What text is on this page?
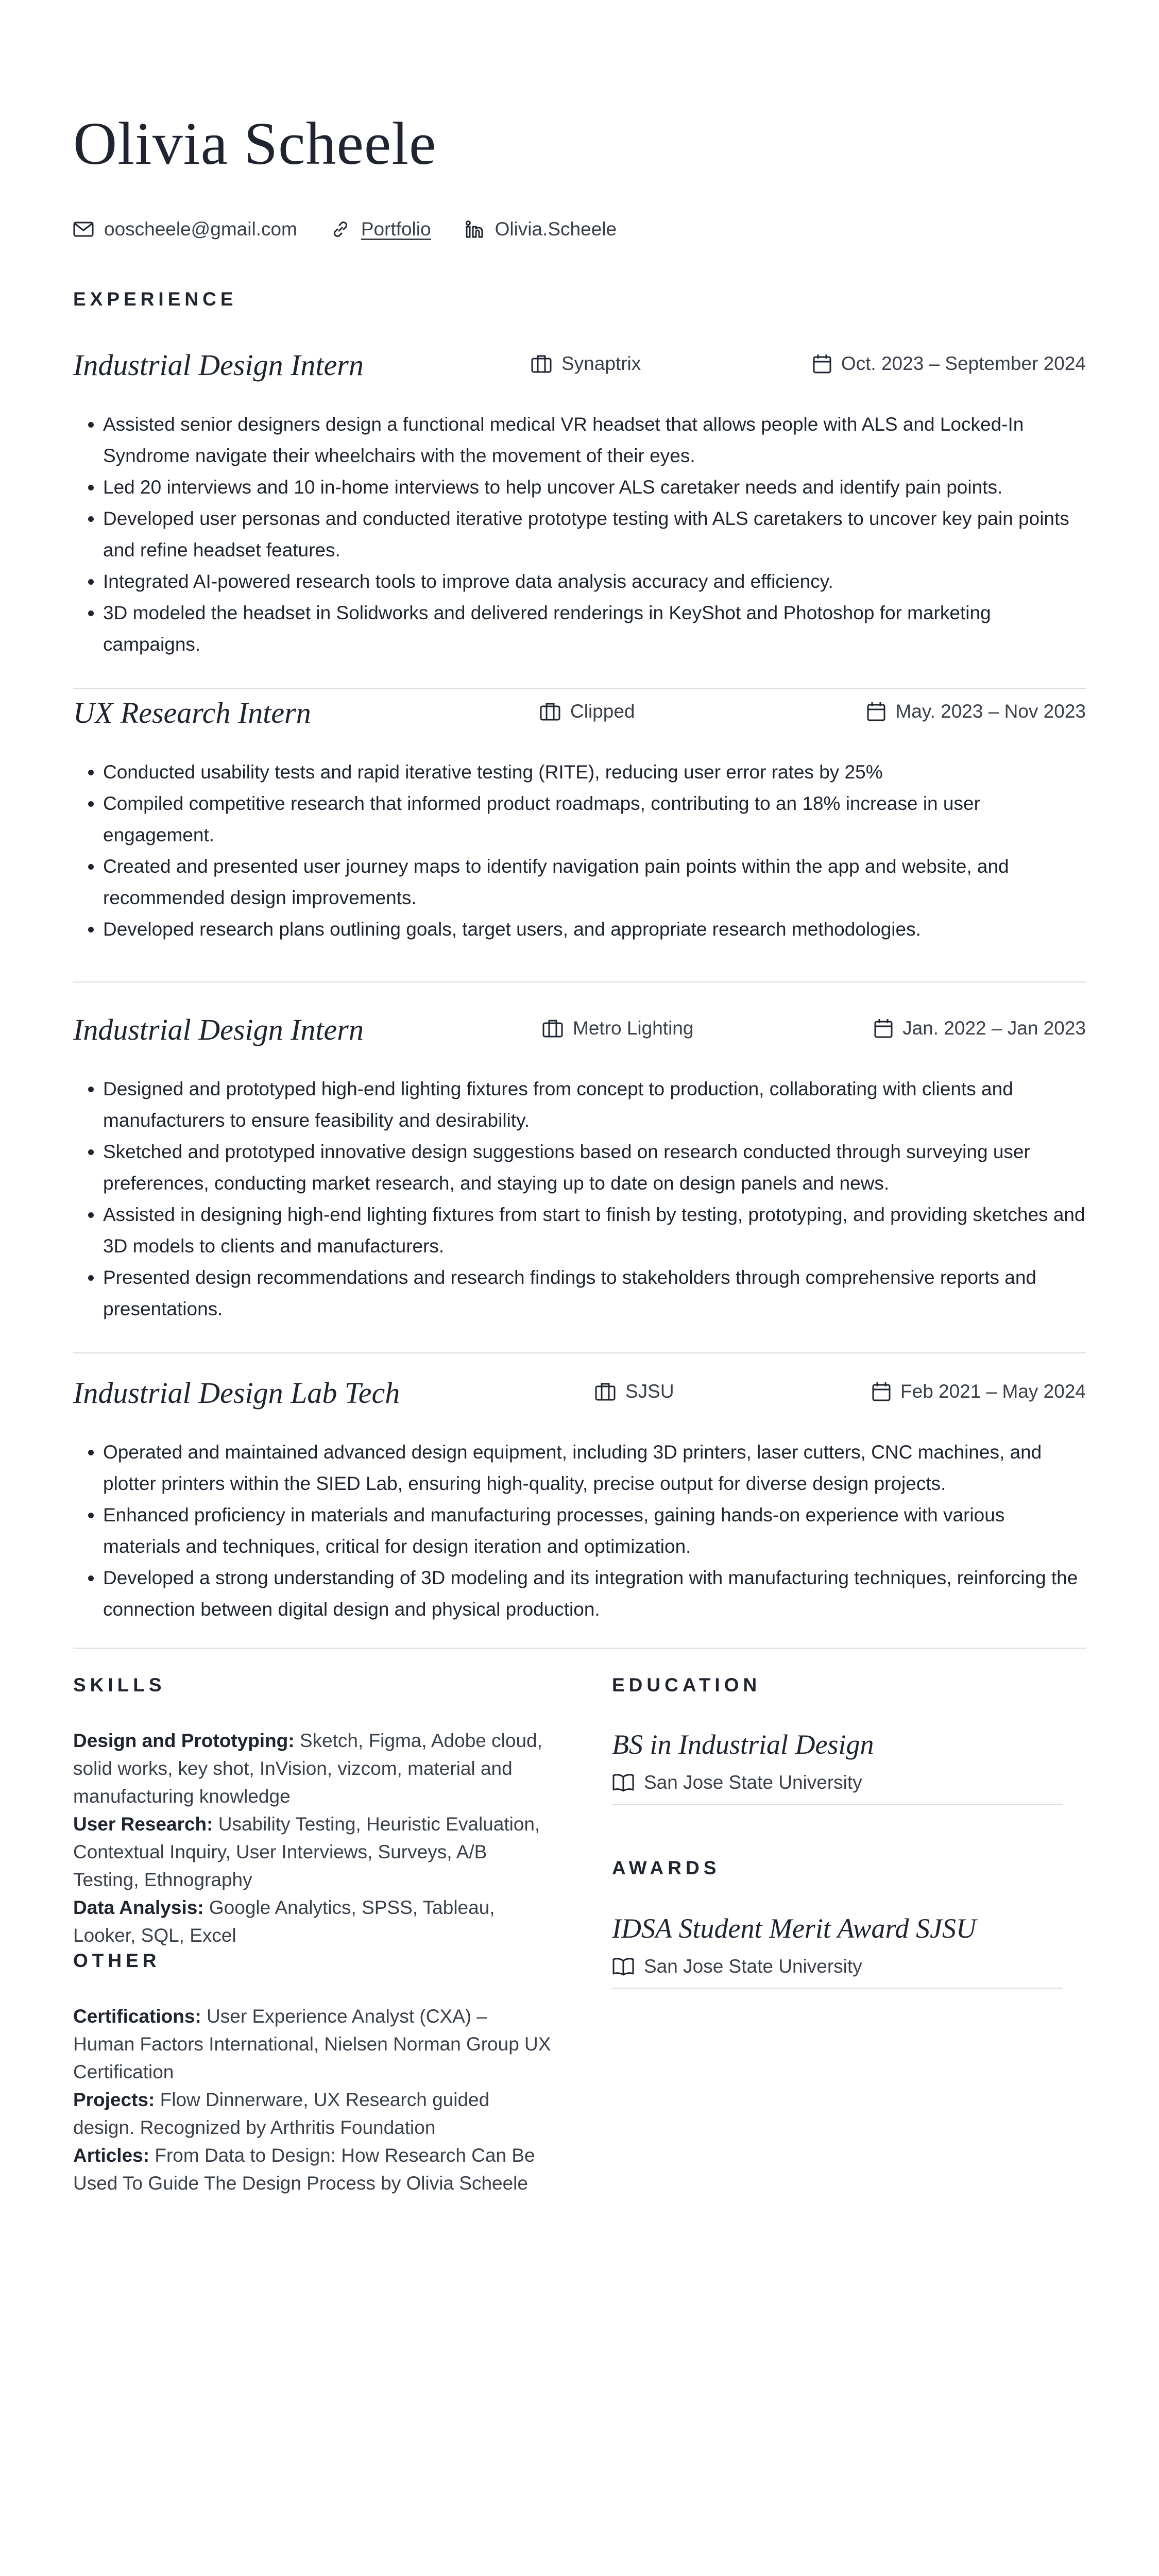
Olivia Scheele
ooscheele@gmail.com	Portfolio	Olivia.Scheele
EXPERIENCE
Industrial Design Intern	Synaptrix	Oct. 2023 – September 2024
• Assisted senior designers design a functional medical VR headset that allows people with ALS and Locked-In Syndrome navigate their wheelchairs with the movement of their eyes.
• Led 20 interviews and 10 in-home interviews to help uncover ALS caretaker needs and identify pain points.
• Developed user personas and conducted iterative prototype testing with ALS caretakers to uncover key pain points and refine headset features.
• Integrated AI-powered research tools to improve data analysis accuracy and efficiency.
• 3D modeled the headset in Solidworks and delivered renderings in KeyShot and Photoshop for marketing campaigns.
UX Research Intern	Clipped	May. 2023 – Nov 2023
• Conducted usability tests and rapid iterative testing (RITE), reducing user error rates by 25%
• Compiled competitive research that informed product roadmaps, contributing to an 18% increase in user engagement.
• Created and presented user journey maps to identify navigation pain points within the app and website, and recommended design improvements.
• Developed research plans outlining goals, target users, and appropriate research methodologies.
Industrial Design Intern	Metro Lighting	Jan. 2022 – Jan 2023
• Designed and prototyped high-end lighting fixtures from concept to production, collaborating with clients and manufacturers to ensure feasibility and desirability.
• Sketched and prototyped innovative design suggestions based on research conducted through surveying user preferences, conducting market research, and staying up to date on design panels and news.
• Assisted in designing high-end lighting fixtures from start to finish by testing, prototyping, and providing sketches and 3D models to clients and manufacturers.
• Presented design recommendations and research findings to stakeholders through comprehensive reports and presentations.
Industrial Design Lab Tech	SJSU	Feb 2021 – May 2024
• Operated and maintained advanced design equipment, including 3D printers, laser cutters, CNC machines, and plotter printers within the SIED Lab, ensuring high-quality, precise output for diverse design projects.
• Enhanced proficiency in materials and manufacturing processes, gaining hands-on experience with various materials and techniques, critical for design iteration and optimization.
• Developed a strong understanding of 3D modeling and its integration with manufacturing techniques, reinforcing the connection between digital design and physical production.
SKILLS

Design and Prototyping: Sketch, Figma, Adobe cloud, solid works, key shot, InVision, vizcom, material and manufacturing knowledge

User Research: Usability Testing, Heuristic Evaluation, Contextual Inquiry, User Interviews, Surveys, A/B Testing, Ethnography

Data Analysis: Google Analytics, SPSS, Tableau, Looker, SQL, Excel

OTHER

Certifications: User Experience Analyst (CXA) – Human Factors International, Nielsen Norman Group UX Certification

Projects: Flow Dinnerware, UX Research guided design. Recognized by Arthritis Foundation

Articles: From Data to Design: How Research Can Be Used To Guide The Design Process by Olivia Scheele

EDUCATION
BS in Industrial Design
San Jose State University
AWARDS
IDSA Student Merit Award SJSU
San Jose State University
